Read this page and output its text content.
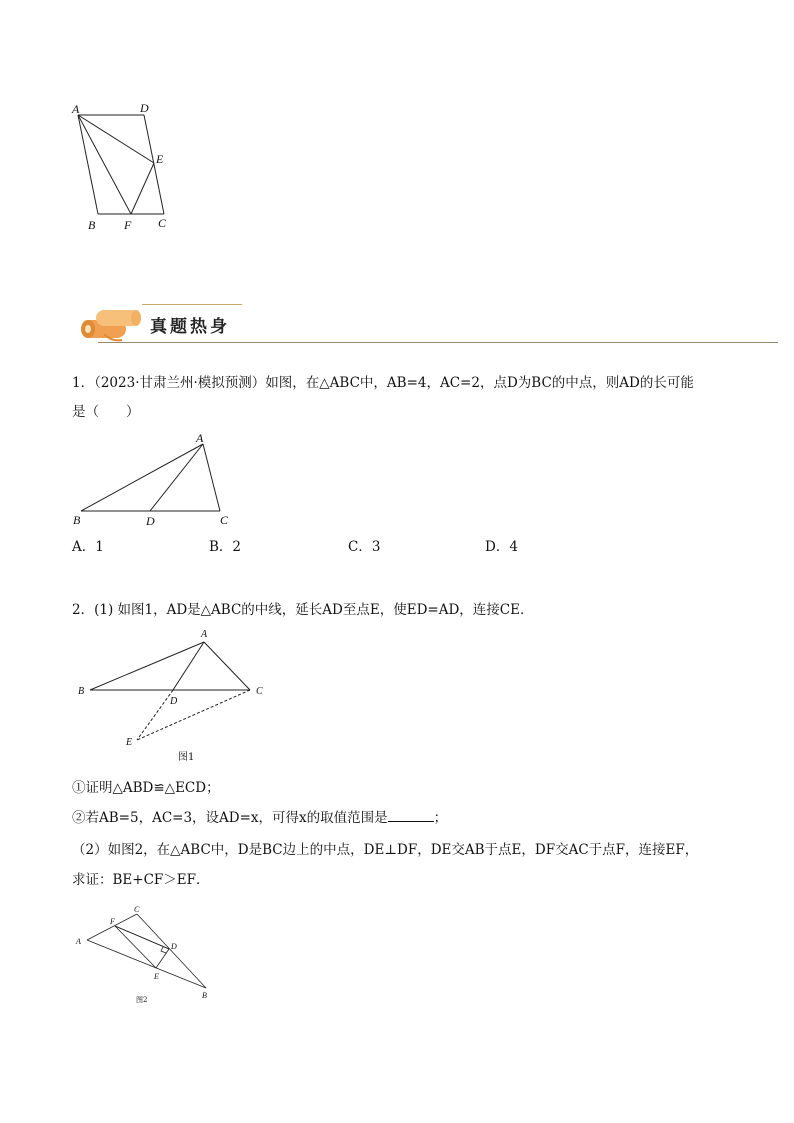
A	D
E
B F C
真题热身
1．（2023·甘肃兰州·模拟预测）如图，在△ABC中，AB=4，AC=2，点D为BC的中点，则AD的长可能
是（　　）
A
B	D	C
A．1	B．2	C．3	D．4
2．(1) 如图1，AD是△ABC的中线，延长AD至点E，使ED=AD，连接CE．
A
B	C
D
E
图1
①证明△ABD≌△ECD；
②若AB=5，AC=3，设AD=x，可得x的取值范围是	；
（2）如图2，在△ABC中，D是BC边上的中点，DE⊥DF，DE交AB于点E，DF交AC于点F，连接EF，
求证：BE+CF＞EF．
A
F
C
D
E
B
图2
